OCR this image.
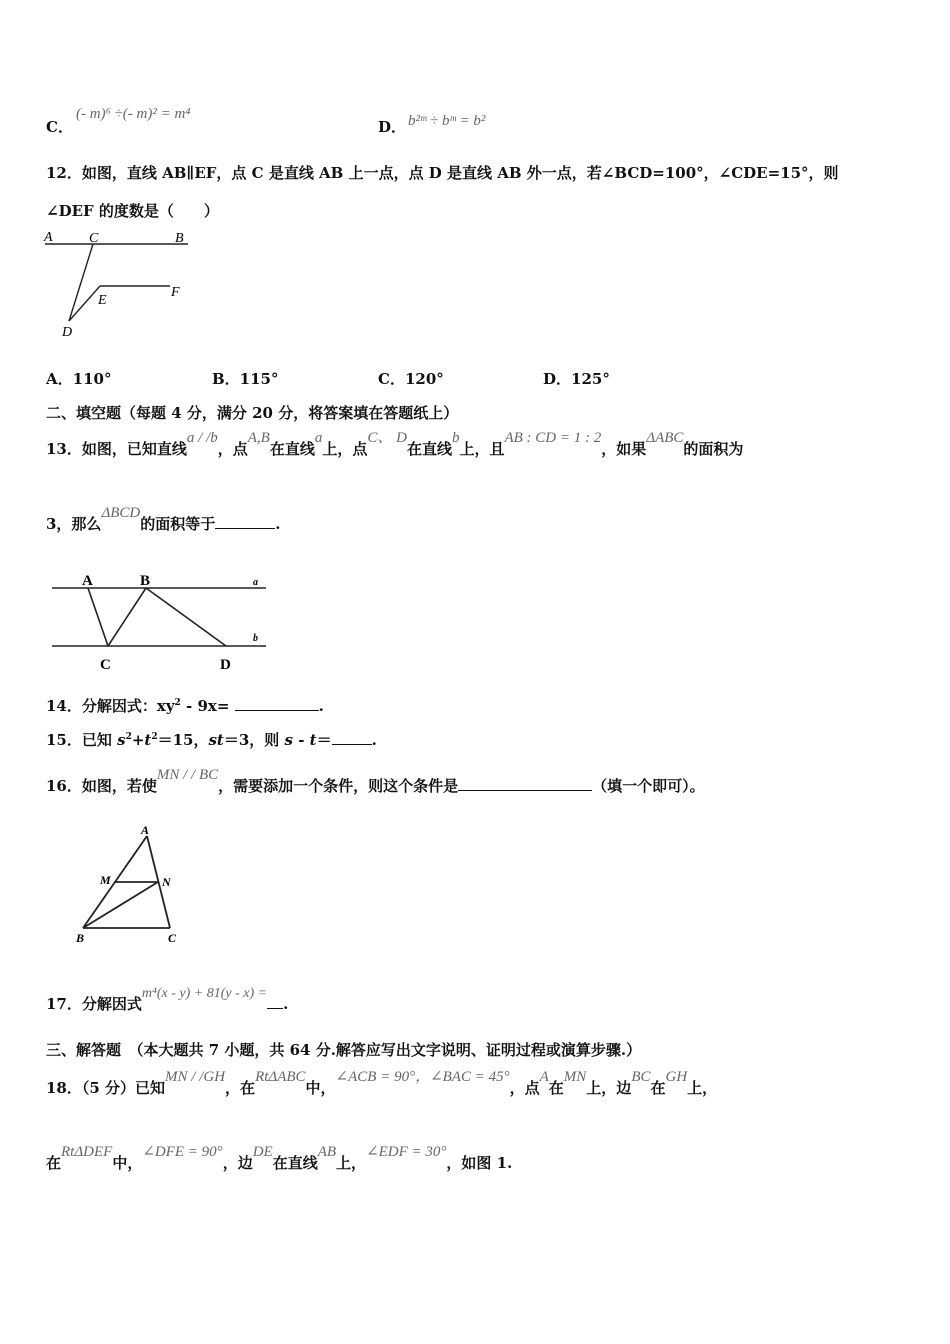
C．
(- m)⁶ ÷(- m)² = m⁴
D． b²ᵐ ÷ bᵐ = b²
12．如图，直线 AB∥EF，点 C 是直线 AB 上一点，点 D 是直线 AB 外一点，若∠BCD=100°，∠CDE=15°，则
∠DEF 的度数是（　　）
A	C	B
E
F
D
A．110°	B．115°	C．120°	D．125°
二、填空题（每题 4 分，满分 20 分，将答案填在答题纸上）
13．如图，已知直线a / /b，点A,B在直线a上，点C、 D在直线b上，且AB : CD = 1 : 2，如果ΔABC的面积为
3，那么ΔBCD的面积等于	.
A	B
C	D
a
b
14．分解因式：$xy^2 - 9x=$	.
15．已知 $s^2+t^2=15$，st＝3，则 s - t＝	.
16．如图，若使MN / / BC，需要添加一个条件，则这个条件是	（填一个即可）。
A
M	N
B	C
17．分解因式m⁴(x - y) + 81(y - x) =.
三、解答题　（本大题共 7 小题，共 64 分.解答应写出文字说明、证明过程或演算步骤.）
18．（5 分）已知MN / /GH，在RtΔABC中，∠ACB = 90°，∠BAC = 45°，点A在MN上，边BC在GH上，
在RtΔDEF中，∠DFE = 90°，边DE在直线AB上，∠EDF = 30°，如图 1.
